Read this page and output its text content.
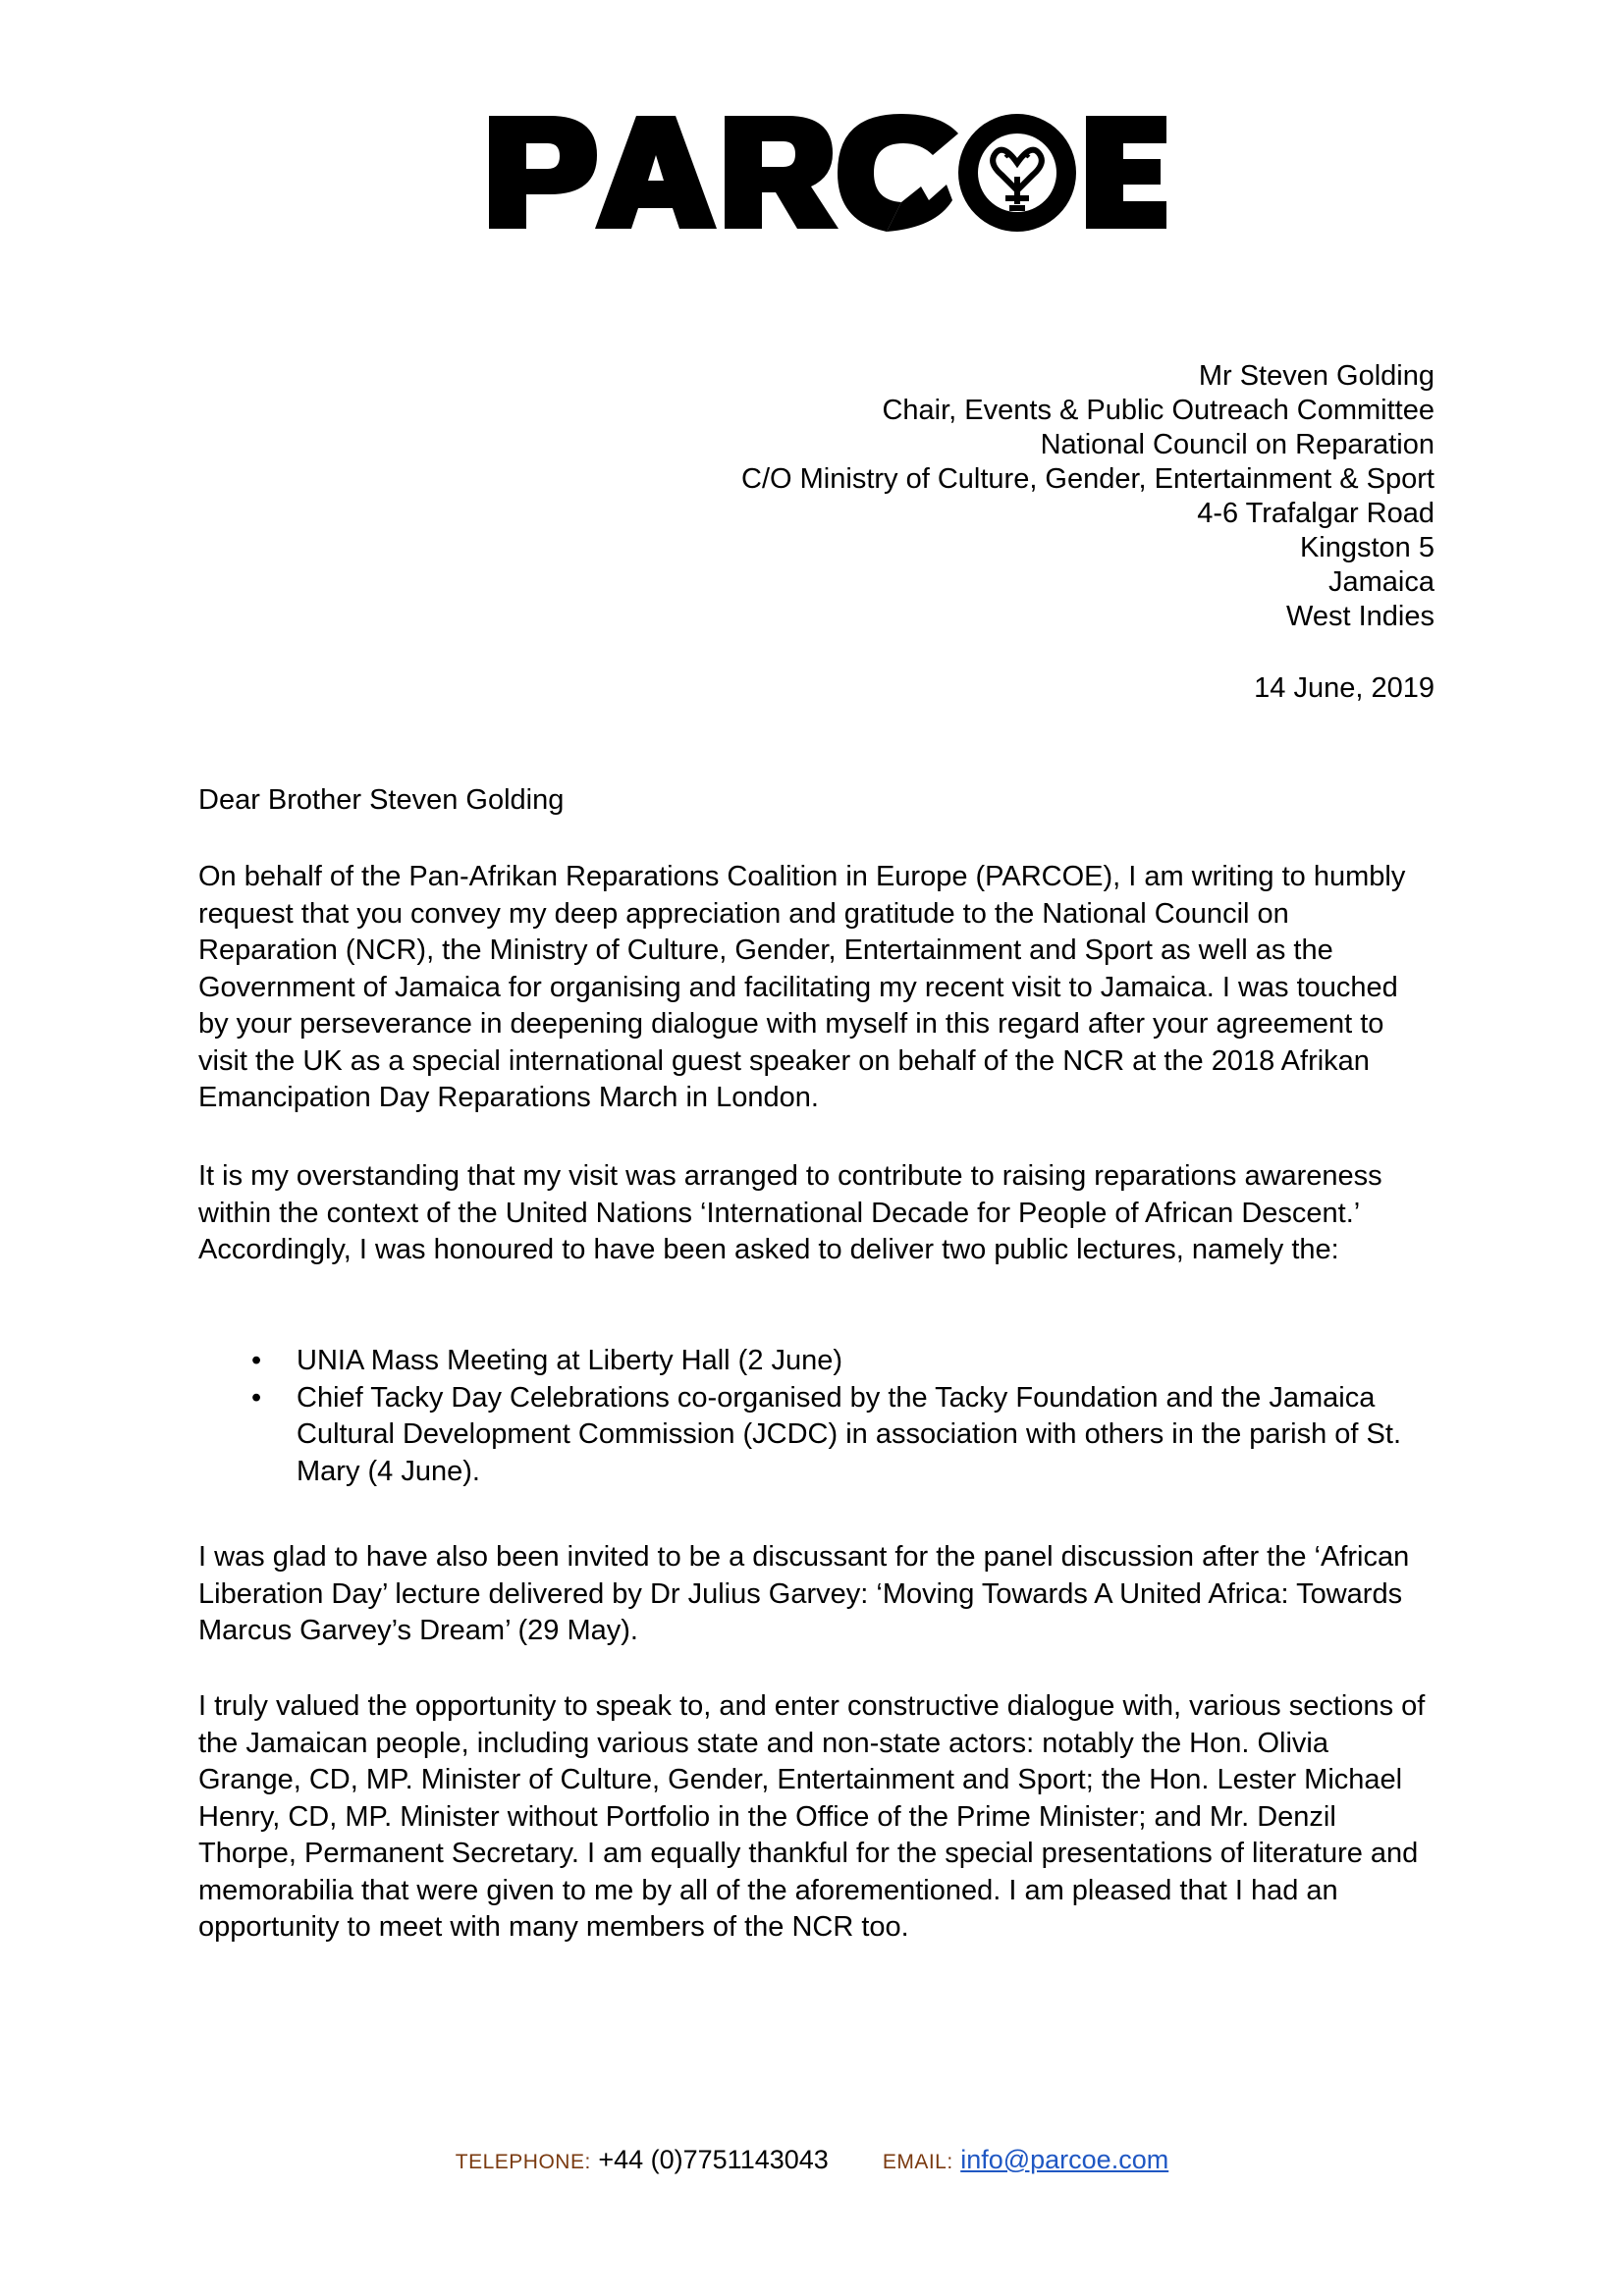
PARCOE
Mr Steven Golding
Chair, Events & Public Outreach Committee
National Council on Reparation
C/O Ministry of Culture, Gender, Entertainment & Sport
4-6 Trafalgar Road
Kingston 5
Jamaica
West Indies
14 June, 2019
Dear Brother Steven Golding
On behalf of the Pan-Afrikan Reparations Coalition in Europe (PARCOE), I am writing to humbly request that you convey my deep appreciation and gratitude to the National Council on Reparation (NCR), the Ministry of Culture, Gender, Entertainment and Sport as well as the Government of Jamaica for organising and facilitating my recent visit to Jamaica. I was touched by your perseverance in deepening dialogue with myself in this regard after your agreement to visit the UK as a special international guest speaker on behalf of the NCR at the 2018 Afrikan Emancipation Day Reparations March in London.
It is my overstanding that my visit was arranged to contribute to raising reparations awareness within the context of the United Nations ‘International Decade for People of African Descent.’ Accordingly, I was honoured to have been asked to deliver two public lectures, namely the:
• UNIA Mass Meeting at Liberty Hall (2 June)
• Chief Tacky Day Celebrations co-organised by the Tacky Foundation and the Jamaica Cultural Development Commission (JCDC) in association with others in the parish of St. Mary (4 June).
I was glad to have also been invited to be a discussant for the panel discussion after the ‘African Liberation Day’ lecture delivered by Dr Julius Garvey: ‘Moving Towards A United Africa: Towards Marcus Garvey’s Dream’ (29 May).
I truly valued the opportunity to speak to, and enter constructive dialogue with, various sections of the Jamaican people, including various state and non-state actors: notably the Hon. Olivia Grange, CD, MP. Minister of Culture, Gender, Entertainment and Sport; the Hon. Lester Michael Henry, CD, MP. Minister without Portfolio in the Office of the Prime Minister; and Mr. Denzil Thorpe, Permanent Secretary. I am equally thankful for the special presentations of literature and memorabilia that were given to me by all of the aforementioned. I am pleased that I had an opportunity to meet with many members of the NCR too.
TELEPHONE: +44 (0)7751143043	EMAIL: info@parcoe.com
